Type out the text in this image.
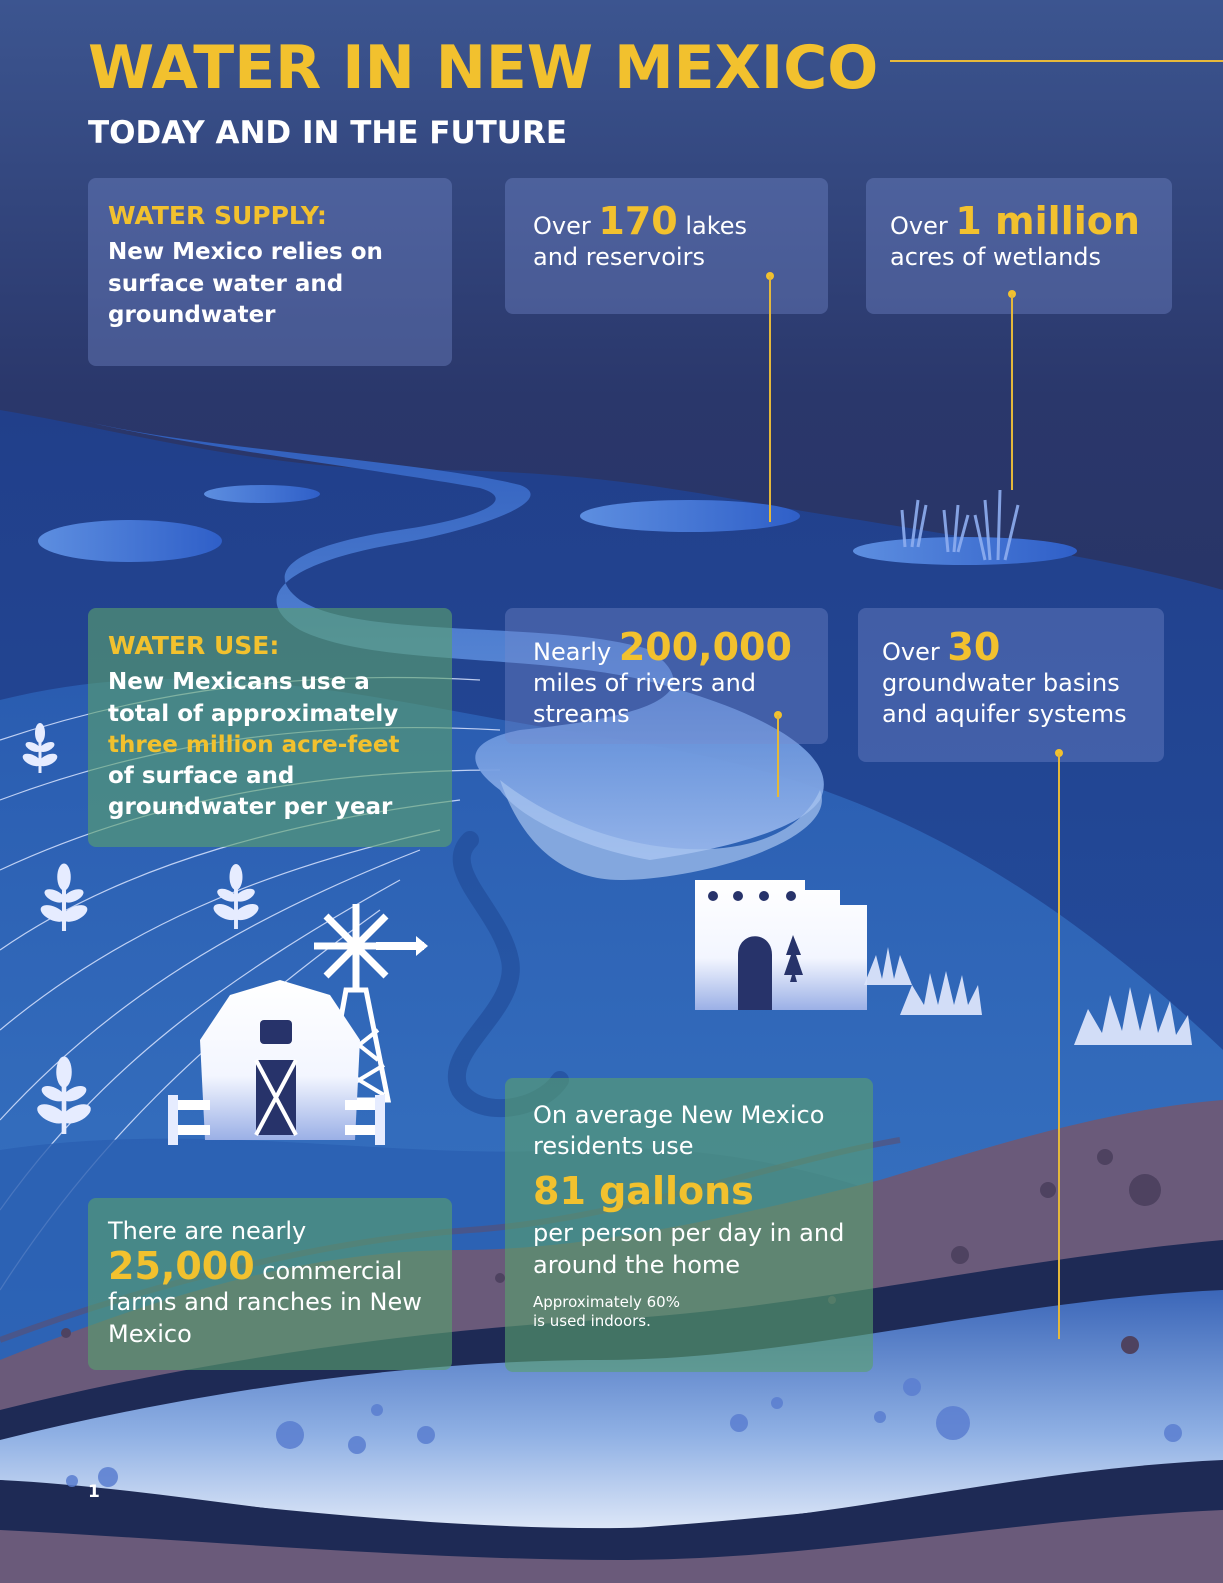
WATER IN NEW MEXICO
TODAY AND IN THE FUTURE

WATER SUPPLY:

New Mexico relies on surface water and groundwater

Over 170 lakes

and reservoirs

Over 1 million

acres of wetlands

WATER USE:

New Mexicans use a total of approximately three million acre-feet of surface and groundwater per year

Nearly 200,000

miles of rivers and streams

Over 30

groundwater basins and aquifer systems

There are nearly

25,000 commercial

farms and ranches in New Mexico

On average New Mexico residents use

81 gallons

per person per day in and around the home

Approximately 60%

is used indoors.

1
